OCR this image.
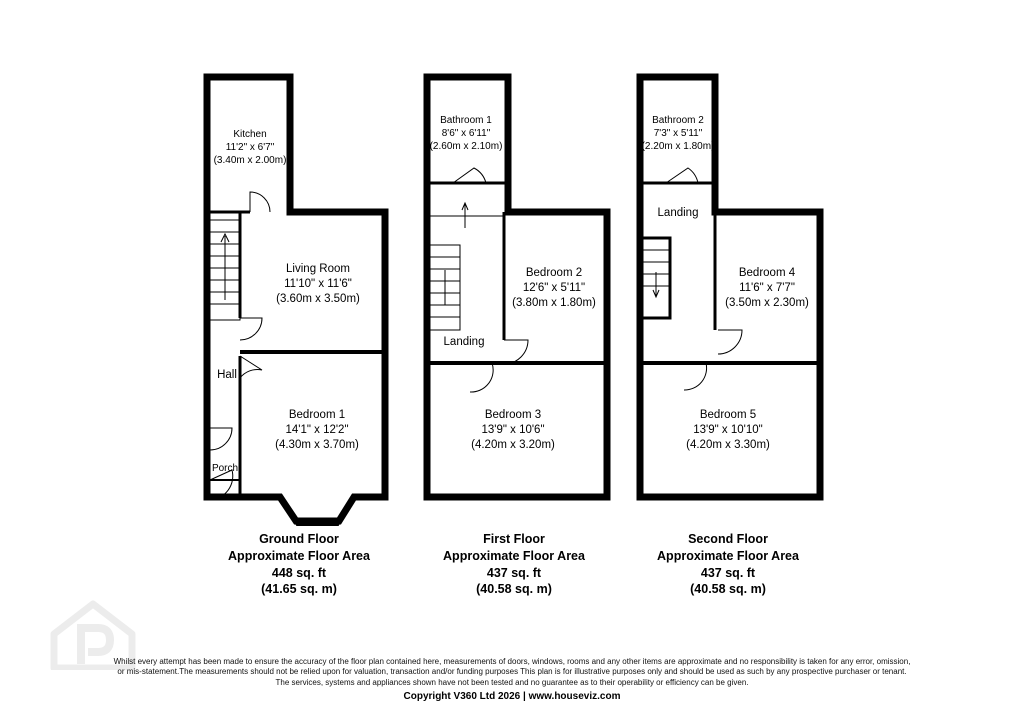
Kitchen
11'2" x 6'7"
(3.40m x 2.00m)
Living Room
11'10" x 11'6"
(3.60m x 3.50m)
Bedroom 1
14'1" x 12'2"
(4.30m x 3.70m)
Hall
Porch
Bathroom 1
8'6" x 6'11"
(2.60m x 2.10m)
Bedroom 2
12'6" x 5'11"
(3.80m x 1.80m)
Bedroom 3
13'9" x 10'6"
(4.20m x 3.20m)
Landing
Bathroom 2
7'3" x 5'11"
(2.20m x 1.80m)
Landing
Bedroom 4
11'6" x 7'7"
(3.50m x 2.30m)
Bedroom 5
13'9" x 10'10"
(4.20m x 3.30m)
Ground Floor
Approximate Floor Area
448 sq. ft
(41.65 sq. m)
First Floor
Approximate Floor Area
437 sq. ft
(40.58 sq. m)
Second Floor
Approximate Floor Area
437 sq. ft
(40.58 sq. m)
Whilst every attempt has been made to ensure the accuracy of the floor plan contained here, measurements of doors, windows, rooms and any other items are approximate and no responsibility is taken for any error, omission,
or mis-statement.The measurements should not be relied upon for valuation, transaction and/or funding purposes This plan is for illustrative purposes only and should be used as such by any prospective purchaser or tenant.
The services, systems and appliances shown have not been tested and no guarantee as to their operability or efficiency can be given.
Copyright V360 Ltd 2026 | www.houseviz.com
